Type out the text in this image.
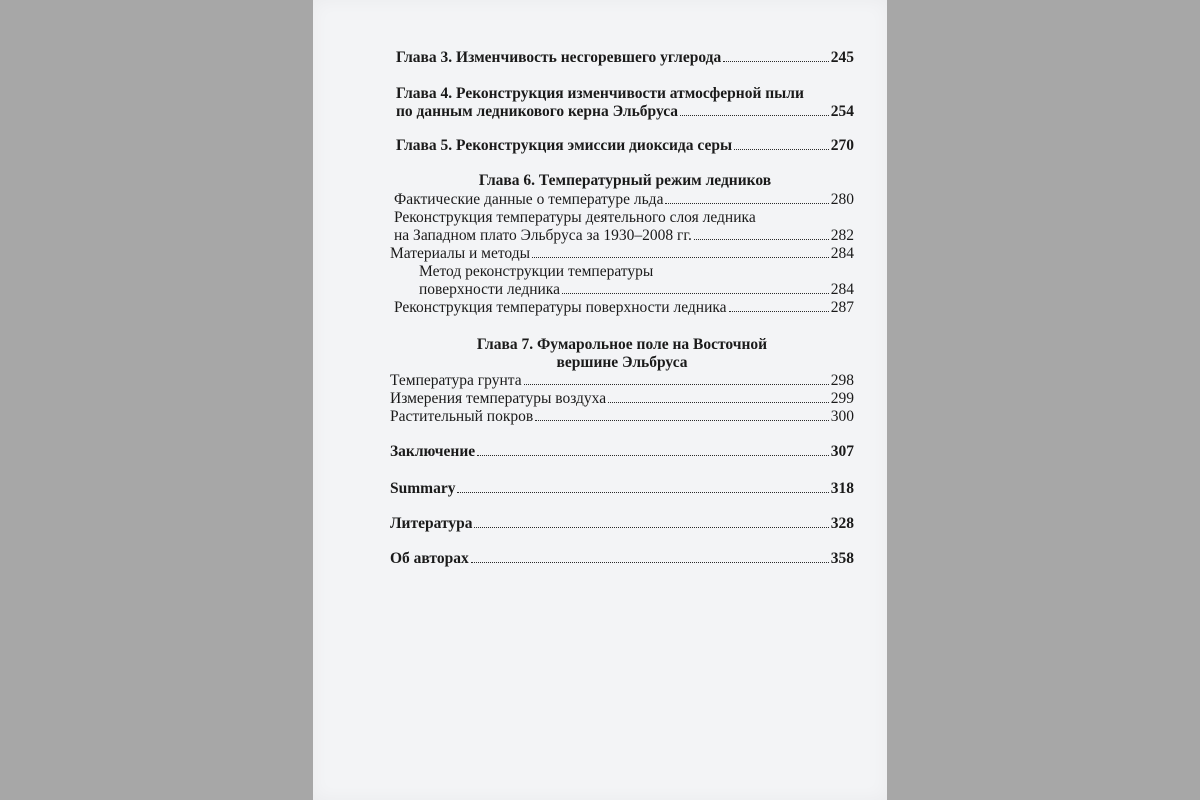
Глава 3. Изменчивость несгоревшего углерода	245
Глава 4. Реконструкция изменчивости атмосферной пыли
по данным ледникового керна Эльбруса	254
Глава 5. Реконструкция эмиссии диоксида серы	270
Глава 6. Температурный режим ледников
Фактические данные о температуре льда	280
Реконструкция температуры деятельного слоя ледника
на Западном плато Эльбруса за 1930–2008 гг.	282
Материалы и методы	284
Метод реконструкции температуры
поверхности ледника	284
Реконструкция температуры поверхности ледника	287
Глава 7. Фумарольное поле на Восточной
вершине Эльбруса
Температура грунта	298
Измерения температуры воздуха	299
Растительный покров	300
Заключение	307
Summary	318
Литература	328
Об авторах	358
